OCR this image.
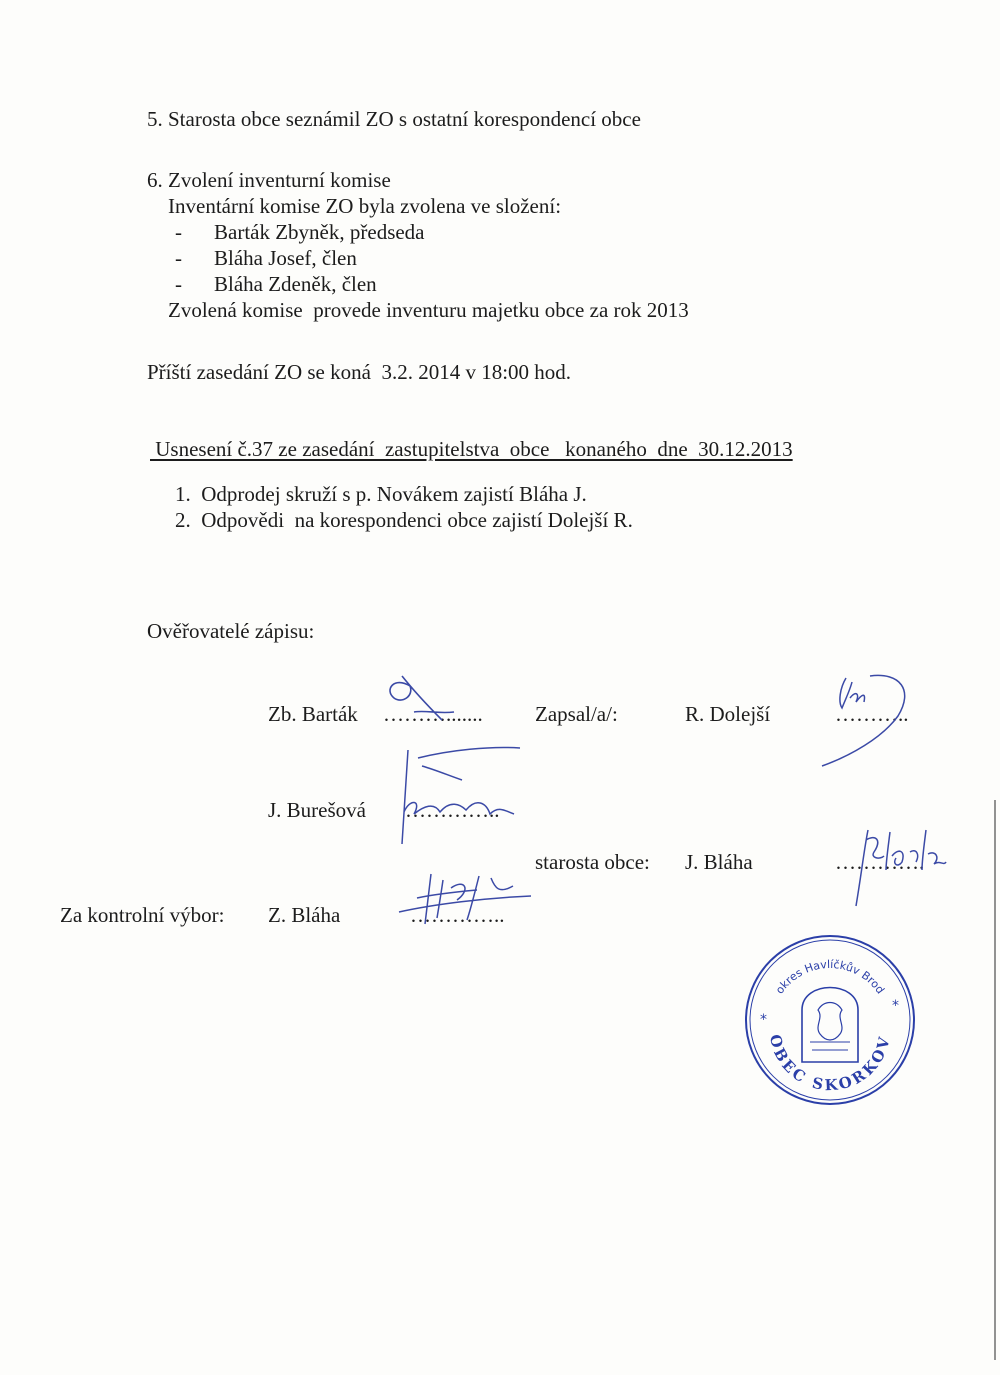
5. Starosta obce seznámil ZO s ostatní korespondencí obce
6. Zvolení inventurní komise
Inventární komise ZO byla zvolena ve složení:
- Barták Zbyněk, předseda
- Bláha Josef, člen
- Bláha Zdeněk, člen
Zvolená komise  provede inventuru majetku obce za rok 2013
Příští zasedání ZO se koná  3.2. 2014 v 18:00 hod.
Usnesení č.37 ze zasedání  zastupitelstva  obce   konaného  dne  30.12.2013
1.  Odprodej skruží s p. Novákem zajistí Bláha J.
2.  Odpovědi  na korespondenci obce zajistí Dolejší R.
Ověřovatelé zápisu:
Zb. Barták ………....... Zapsal/a/:	R. Dolejší	………..
J. Burešová …………..
starosta obce: J. Bláha	………….
Za kontrolní výbor: Z. Bláha	…………..
okres Havlíčkův Brod
OBEC SKORKOV
*
*
